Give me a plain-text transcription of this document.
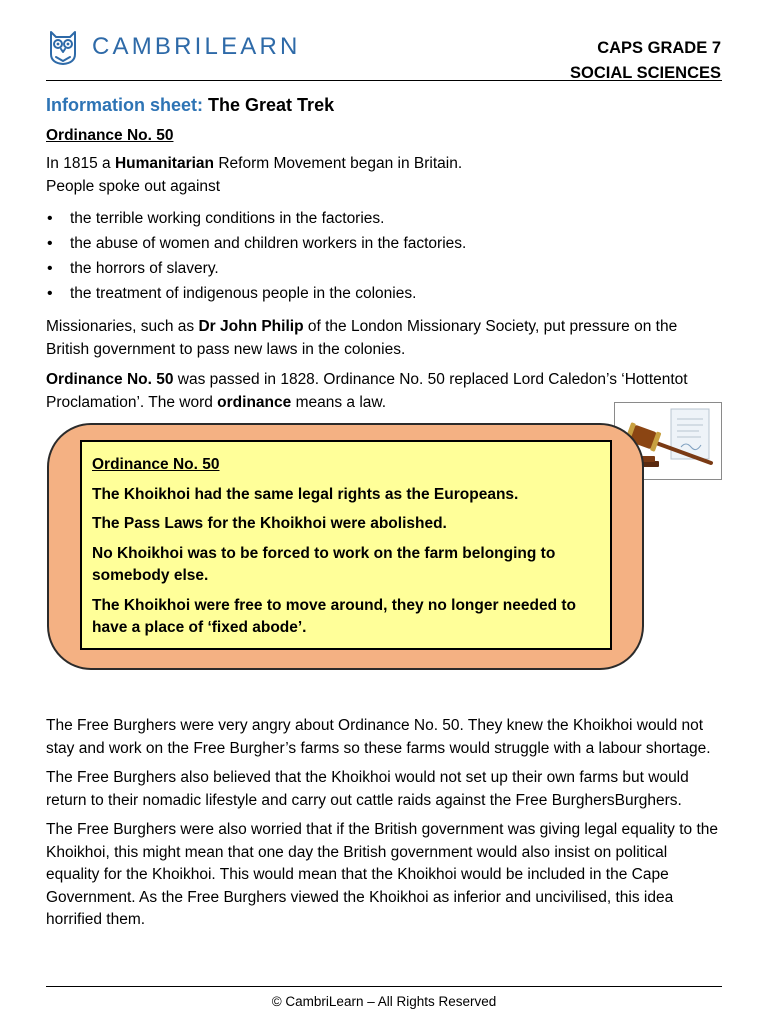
CAMBRILEARN	CAPS GRADE 7
SOCIAL SCIENCES
Information sheet: The Great Trek
Ordinance No. 50

In 1815 a Humanitarian Reform Movement began in Britain.
People spoke out against

• the terrible working conditions in the factories.
• the abuse of women and children workers in the factories.
• the horrors of slavery.
• the treatment of indigenous people in the colonies.

Missionaries, such as Dr John Philip of the London Missionary Society, put pressure on the British government to pass new laws in the colonies.

Ordinance No. 50 was passed in 1828. Ordinance No. 50 replaced Lord Caledon’s ‘Hottentot Proclamation’. The word ordinance means a law.

Ordinance No. 50
The Khoikhoi had the same legal rights as the Europeans.
The Pass Laws for the Khoikhoi were abolished.
No Khoikhoi was to be forced to work on the farm belonging to somebody else.
The Khoikhoi were free to move around, they no longer needed to have a place of ‘fixed abode’.

The Free Burghers were very angry about Ordinance No. 50. They knew the Khoikhoi would not stay and work on the Free Burgher’s farms so these farms would struggle with a labour shortage.

The Free Burghers also believed that the Khoikhoi would not set up their own farms but would return to their nomadic lifestyle and carry out cattle raids against the Free BurghersBurghers.

The Free Burghers were also worried that if the British government was giving legal equality to the Khoikhoi, this might mean that one day the British government would also insist on political equality for the Khoikhoi. This would mean that the Khoikhoi would be included in the Cape Government. As the Free Burghers viewed the Khoikhoi as inferior and uncivilised, this idea horrified them.

© CambriLearn – All Rights Reserved
